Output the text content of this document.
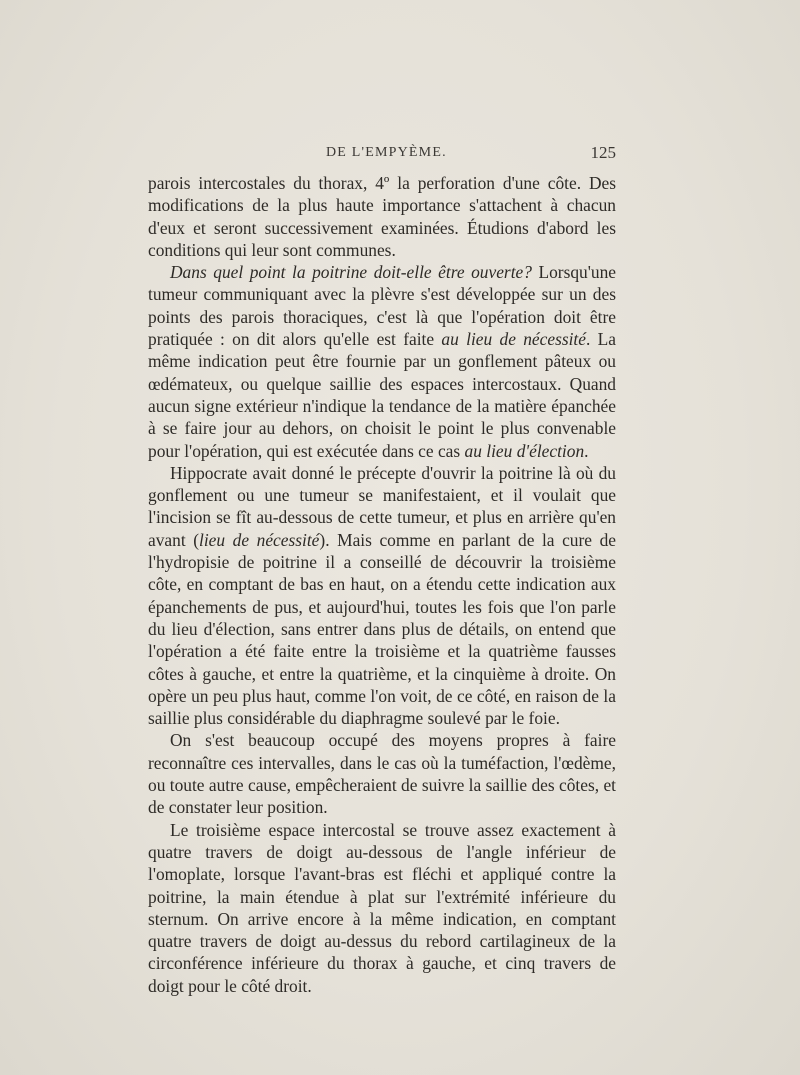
DE L'EMPYÈME.	125

parois intercostales du thorax, 4º la perforation d'une côte. Des modifications de la plus haute importance s'attachent à chacun d'eux et seront successivement examinées. Étudions d'abord les conditions qui leur sont communes.

Dans quel point la poitrine doit-elle être ouverte? Lorsqu'une tumeur communiquant avec la plèvre s'est développée sur un des points des parois thoraciques, c'est là que l'opération doit être pratiquée : on dit alors qu'elle est faite au lieu de nécessité. La même indication peut être fournie par un gonflement pâteux ou œdémateux, ou quelque saillie des espaces intercostaux. Quand aucun signe extérieur n'indique la tendance de la matière épanchée à se faire jour au dehors, on choisit le point le plus convenable pour l'opération, qui est exécutée dans ce cas au lieu d'élection.

Hippocrate avait donné le précepte d'ouvrir la poitrine là où du gonflement ou une tumeur se manifestaient, et il voulait que l'incision se fît au-dessous de cette tumeur, et plus en arrière qu'en avant (lieu de nécessité). Mais comme en parlant de la cure de l'hydropisie de poitrine il a conseillé de découvrir la troisième côte, en comptant de bas en haut, on a étendu cette indication aux épanchements de pus, et aujourd'hui, toutes les fois que l'on parle du lieu d'élection, sans entrer dans plus de détails, on entend que l'opération a été faite entre la troisième et la quatrième fausses côtes à gauche, et entre la quatrième, et la cinquième à droite. On opère un peu plus haut, comme l'on voit, de ce côté, en raison de la saillie plus considérable du diaphragme soulevé par le foie.

On s'est beaucoup occupé des moyens propres à faire reconnaître ces intervalles, dans le cas où la tuméfaction, l'œdème, ou toute autre cause, empêcheraient de suivre la saillie des côtes, et de constater leur position.

Le troisième espace intercostal se trouve assez exactement à quatre travers de doigt au-dessous de l'angle inférieur de l'omoplate, lorsque l'avant-bras est fléchi et appliqué contre la poitrine, la main étendue à plat sur l'extrémité inférieure du sternum. On arrive encore à la même indication, en comptant quatre travers de doigt au-dessus du rebord cartilagineux de la circonférence inférieure du thorax à gauche, et cinq travers de doigt pour le côté droit.
